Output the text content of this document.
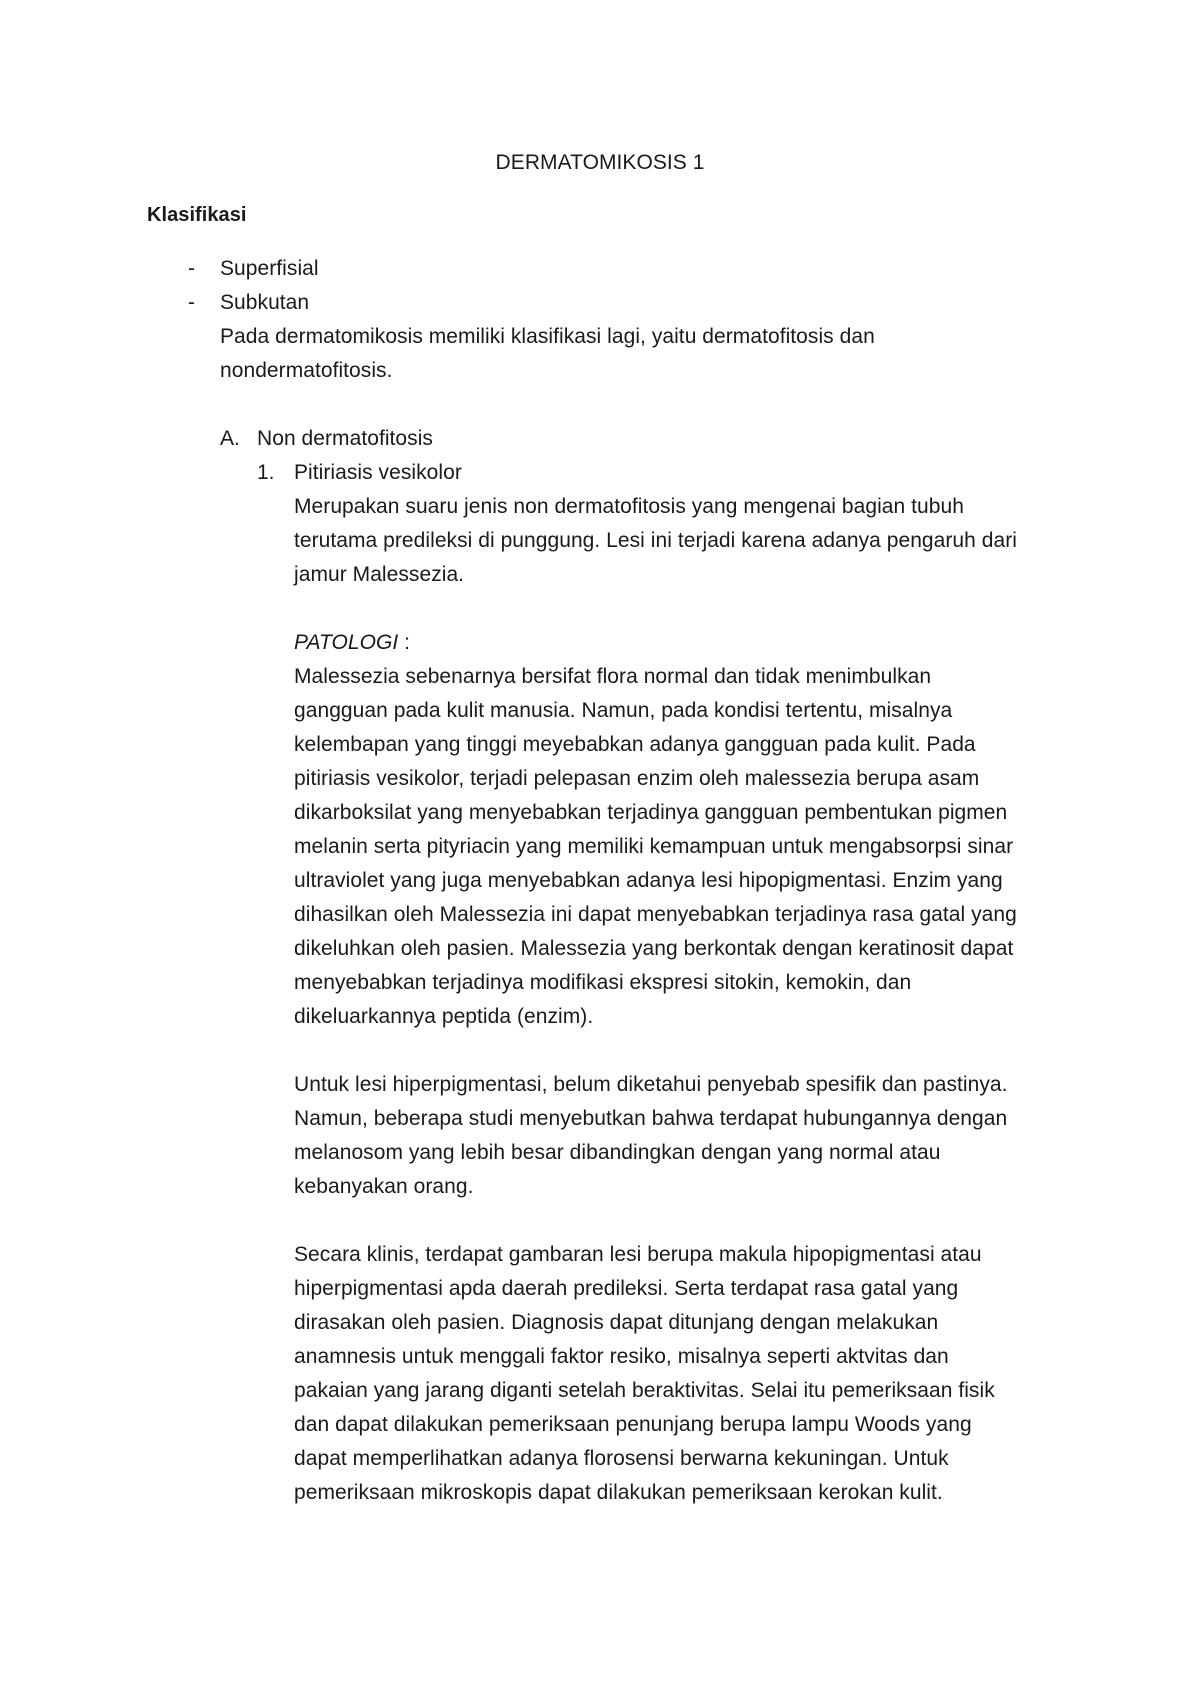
DERMATOMIKOSIS 1
Klasifikasi
- Superfisial
- Subkutan
Pada dermatomikosis memiliki klasifikasi lagi, yaitu dermatofitosis dan
nondermatofitosis.
A. Non dermatofitosis
1. Pitiriasis vesikolor
Merupakan suaru jenis non dermatofitosis yang mengenai bagian tubuh
terutama predileksi di punggung. Lesi ini terjadi karena adanya pengaruh dari
jamur Malessezia.
PATOLOGI :
Malessezia sebenarnya bersifat flora normal dan tidak menimbulkan
gangguan pada kulit manusia. Namun, pada kondisi tertentu, misalnya
kelembapan yang tinggi meyebabkan adanya gangguan pada kulit. Pada
pitiriasis vesikolor, terjadi pelepasan enzim oleh malessezia berupa asam
dikarboksilat yang menyebabkan terjadinya gangguan pembentukan pigmen
melanin serta pityriacin yang memiliki kemampuan untuk mengabsorpsi sinar
ultraviolet yang juga menyebabkan adanya lesi hipopigmentasi. Enzim yang
dihasilkan oleh Malessezia ini dapat menyebabkan terjadinya rasa gatal yang
dikeluhkan oleh pasien. Malessezia yang berkontak dengan keratinosit dapat
menyebabkan terjadinya modifikasi ekspresi sitokin, kemokin, dan
dikeluarkannya peptida (enzim).
Untuk lesi hiperpigmentasi, belum diketahui penyebab spesifik dan pastinya.
Namun, beberapa studi menyebutkan bahwa terdapat hubungannya dengan
melanosom yang lebih besar dibandingkan dengan yang normal atau
kebanyakan orang.
Secara klinis, terdapat gambaran lesi berupa makula hipopigmentasi atau
hiperpigmentasi apda daerah predileksi. Serta terdapat rasa gatal yang
dirasakan oleh pasien. Diagnosis dapat ditunjang dengan melakukan
anamnesis untuk menggali faktor resiko, misalnya seperti aktvitas dan
pakaian yang jarang diganti setelah beraktivitas. Selai itu pemeriksaan fisik
dan dapat dilakukan pemeriksaan penunjang berupa lampu Woods yang
dapat memperlihatkan adanya florosensi berwarna kekuningan. Untuk
pemeriksaan mikroskopis dapat dilakukan pemeriksaan kerokan kulit.
